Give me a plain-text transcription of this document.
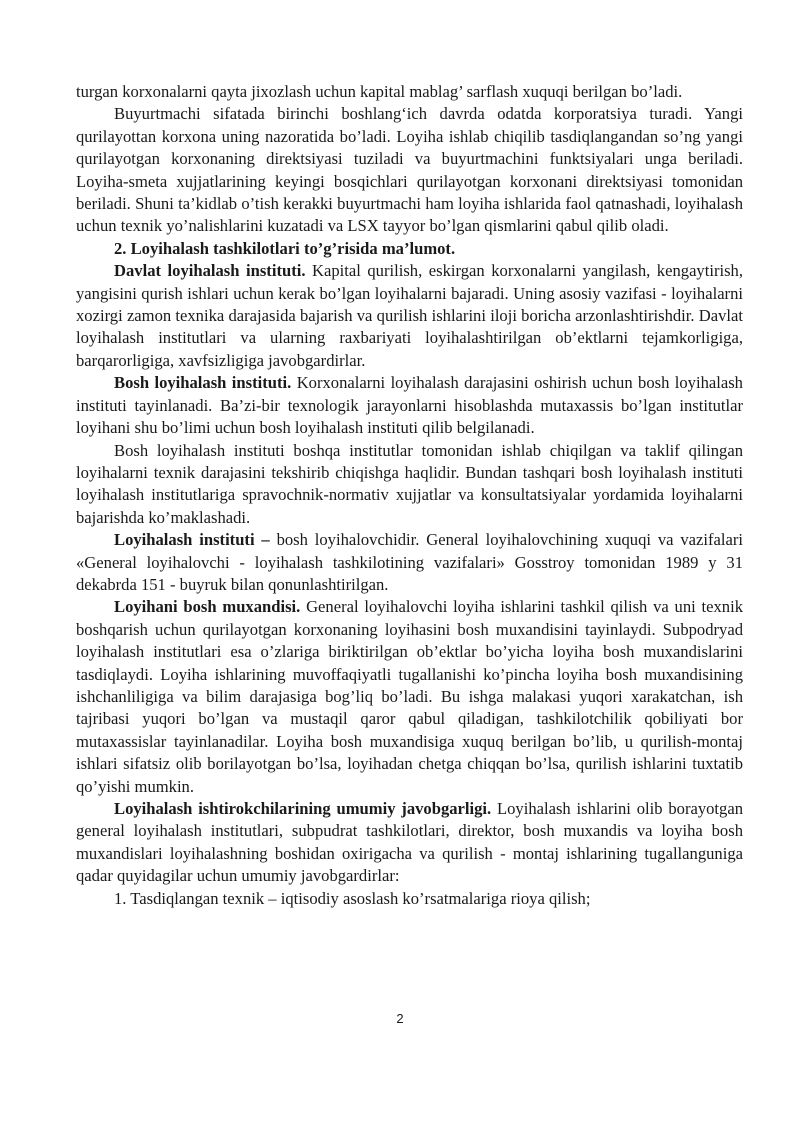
turgan korxonalarni qayta jixozlash uchun kapital mablag’ sarflash xuquqi berilgan bo’ladi.

Buyurtmachi sifatada birinchi boshlang‘ich davrda odatda korporatsiya turadi. Yangi qurilayottan korxona uning nazoratida bo’ladi. Loyiha ishlab chiqilib tasdiqlangandan so’ng yangi qurilayotgan korxonaning direktsiyasi tuziladi va buyurtmachini funktsiyalari unga beriladi. Loyiha-smeta xujjatlarining keyingi bosqichlari qurilayotgan korxonani direktsiyasi tomonidan beriladi. Shuni ta’kidlab o’tish kerakki buyurtmachi ham loyiha ishlarida faol qatnashadi, loyihalash uchun texnik yo’nalishlarini kuzatadi va LSX tayyor bo’lgan qismlarini qabul qilib oladi.

2. Loyihalash tashkilotlari to’g’risida ma’lumot.

Davlat loyihalash instituti. Kapital qurilish, eskirgan korxonalarni yangilash, kengaytirish, yangisini qurish ishlari uchun kerak bo’lgan loyihalarni bajaradi. Uning asosiy vazifasi - loyihalarni xozirgi zamon texnika darajasida bajarish va qurilish ishlarini iloji boricha arzonlashtirishdir. Davlat loyihalash institutlari va ularning raxbariyati loyihalashtirilgan ob’ektlarni tejamkorligiga, barqarorligiga, xavfsizligiga javobgardirlar.

Bosh loyihalash instituti. Korxonalarni loyihalash darajasini oshirish uchun bosh loyihalash instituti tayinlanadi. Ba’zi-bir texnologik jarayonlarni hisoblashda mutaxassis bo’lgan institutlar loyihani shu bo’limi uchun bosh loyihalash instituti qilib belgilanadi.

Bosh loyihalash instituti boshqa institutlar tomonidan ishlab chiqilgan va taklif qilingan loyihalarni texnik darajasini tekshirib chiqishga haqlidir. Bundan tashqari bosh loyihalash instituti loyihalash institutlariga spravochnik-normativ xujjatlar va konsultatsiyalar yordamida loyihalarni bajarishda ko’maklashadi.

Loyihalash instituti – bosh loyihalovchidir. General loyihalovchining xuquqi va vazifalari «General loyihalovchi - loyihalash tashkilotining vazifalari» Gosstroy tomonidan 1989 y 31 dekabrda 151 - buyruk bilan qonunlashtirilgan.

Loyihani bosh muxandisi. General loyihalovchi loyiha ishlarini tashkil qilish va uni texnik boshqarish uchun qurilayotgan korxonaning loyihasini bosh muxandisini tayinlaydi. Subpodryad loyihalash institutlari esa o’zlariga biriktirilgan ob’ektlar bo’yicha loyiha bosh muxandislarini tasdiqlaydi. Loyiha ishlarining muvoffaqiyatli tugallanishi ko’pincha loyiha bosh muxandisining ishchanliligiga va bilim darajasiga bog’liq bo’ladi. Bu ishga malakasi yuqori xarakatchan, ish tajribasi yuqori bo’lgan va mustaqil qaror qabul qiladigan, tashkilotchilik qobiliyati bor mutaxassislar tayinlanadilar. Loyiha bosh muxandisiga xuquq berilgan bo’lib, u qurilish-montaj ishlari sifatsiz olib borilayotgan bo’lsa, loyihadan chetga chiqqan bo’lsa, qurilish ishlarini tuxtatib qo’yishi mumkin.

Loyihalash ishtirokchilarining umumiy javobgarligi. Loyihalash ishlarini olib borayotgan general loyihalash institutlari, subpudrat tashkilotlari, direktor, bosh muxandis va loyiha bosh muxandislari loyihalashning boshidan oxirigacha va qurilish - montaj ishlarining tugallanguniga qadar quyidagilar uchun umumiy javobgardirlar:

1. Tasdiqlangan texnik – iqtisodiy asoslash ko’rsatmalariga rioya qilish;

2
